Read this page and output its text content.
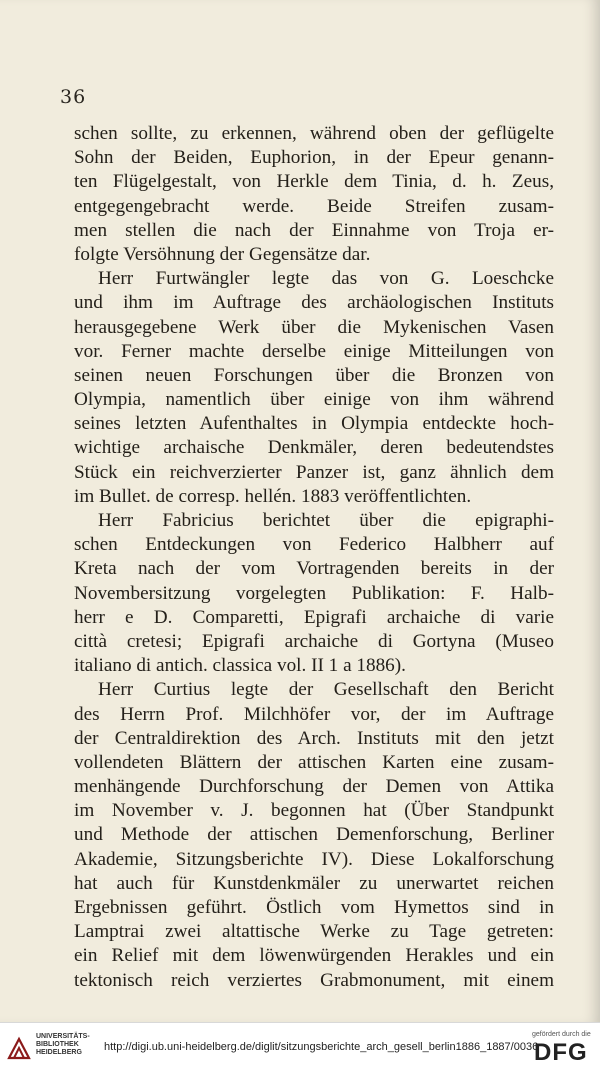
36
schen sollte, zu erkennen, während oben der geflügelte
Sohn der Beiden, Euphorion, in der Epeur genann-
ten Flügelgestalt, von Herkle dem Tinia, d. h. Zeus,
entgegengebracht werde. Beide Streifen zusam-
men stellen die nach der Einnahme von Troja er-
folgte Versöhnung der Gegensätze dar.
Herr Furtwängler legte das von G. Loeschcke
und ihm im Auftrage des archäologischen Instituts
herausgegebene Werk über die Mykenischen Vasen
vor. Ferner machte derselbe einige Mitteilungen von
seinen neuen Forschungen über die Bronzen von
Olympia, namentlich über einige von ihm während
seines letzten Aufenthaltes in Olympia entdeckte hoch-
wichtige archaische Denkmäler, deren bedeutendstes
Stück ein reichverzierter Panzer ist, ganz ähnlich dem
im Bullet. de corresp. hellén. 1883 veröffentlichten.
Herr Fabricius berichtet über die epigraphi-
schen Entdeckungen von Federico Halbherr auf
Kreta nach der vom Vortragenden bereits in der
Novembersitzung vorgelegten Publikation: F. Halb-
herr e D. Comparetti, Epigrafi archaiche di varie
città cretesi; Epigrafi archaiche di Gortyna (Museo
italiano di antich. classica vol. II 1 a 1886).
Herr Curtius legte der Gesellschaft den Bericht
des Herrn Prof. Milchhöfer vor, der im Auftrage
der Centraldirektion des Arch. Instituts mit den jetzt
vollendeten Blättern der attischen Karten eine zusam-
menhängende Durchforschung der Demen von Attika
im November v. J. begonnen hat (Über Standpunkt
und Methode der attischen Demenforschung, Berliner
Akademie, Sitzungsberichte IV). Diese Lokalforschung
hat auch für Kunstdenkmäler zu unerwartet reichen
Ergebnissen geführt. Östlich vom Hymettos sind in
Lamptrai zwei altattische Werke zu Tage getreten:
ein Relief mit dem löwenwürgenden Herakles und ein
tektonisch reich verziertes Grabmonument, mit einem
UNIVERSITÄTS-
BIBLIOTHEK
HEIDELBERG	http://digi.ub.uni-heidelberg.de/diglit/sitzungsberichte_arch_gesell_berlin1886_1887/0036
gefördert durch die
DFG
